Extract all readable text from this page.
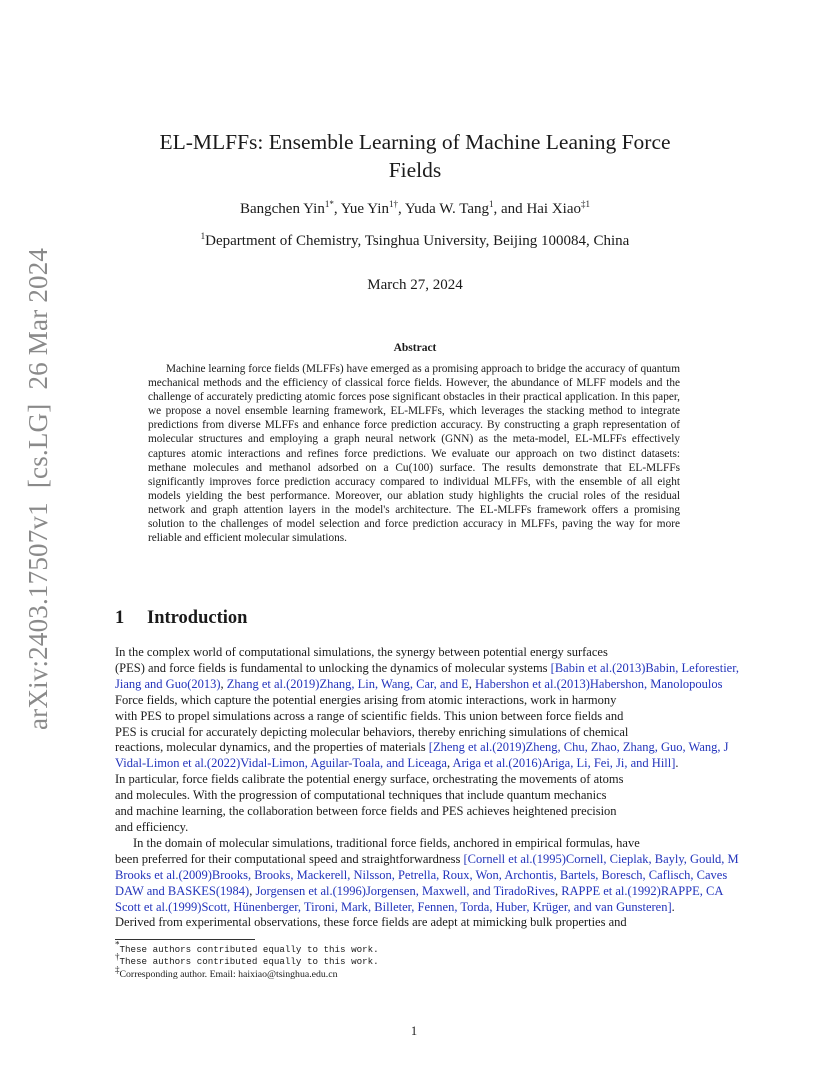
arXiv:2403.17507v1[cs.LG]26 Mar 2024
EL-MLFFs: Ensemble Learning of Machine Leaning Force
Fields
Bangchen Yin$^{1*}$, Yue Yin$^{1\dagger}$, Yuda W. Tang$^1$, and Hai Xiao$^{\ddagger 1}$
$^1$Department of Chemistry, Tsinghua University, Beijing 100084, China
March 27, 2024
Abstract
Machine learning force fields (MLFFs) have emerged as a promising approach to bridge the accuracy of quantum mechanical methods and the efficiency of classical force fields. However, the abundance of MLFF models and the challenge of accurately predicting atomic forces pose significant obstacles in their practical application. In this paper, we propose a novel ensemble learning framework, EL-MLFFs, which leverages the stacking method to integrate predictions from diverse MLFFs and enhance force prediction accuracy. By constructing a graph representation of molecular structures and employing a graph neural network (GNN) as the meta-model, EL-MLFFs effectively captures atomic interactions and refines force predictions. We evaluate our approach on two distinct datasets: methane molecules and methanol adsorbed on a Cu(100) surface. The results demonstrate that EL-MLFFs significantly improves force prediction accuracy compared to individual MLFFs, with the ensemble of all eight models yielding the best performance. Moreover, our ablation study highlights the crucial roles of the residual network and graph attention layers in the model's architecture. The EL-MLFFs framework offers a promising solution to the challenges of model selection and force prediction accuracy in MLFFs, paving the way for more reliable and efficient molecular simulations.
1 Introduction
In the complex world of computational simulations, the synergy between potential energy surfaces
(PES) and force fields is fundamental to unlocking the dynamics of molecular systems [Babin et al.(2013)Babin, Leforestier,
Jiang and Guo(2013), Zhang et al.(2019)Zhang, Lin, Wang, Car, and E, Habershon et al.(2013)Habershon, Manolopoulos
Force fields, which capture the potential energies arising from atomic interactions, work in harmony
with PES to propel simulations across a range of scientific fields. This union between force fields and
PES is crucial for accurately depicting molecular behaviors, thereby enriching simulations of chemical
reactions, molecular dynamics, and the properties of materials [Zheng et al.(2019)Zheng, Chu, Zhao, Zhang, Guo, Wang, J
Vidal-Limon et al.(2022)Vidal-Limon, Aguilar-Toala, and Liceaga, Ariga et al.(2016)Ariga, Li, Fei, Ji, and Hill].
In particular, force fields calibrate the potential energy surface, orchestrating the movements of atoms
and molecules. With the progression of computational techniques that include quantum mechanics
and machine learning, the collaboration between force fields and PES achieves heightened precision
and efficiency.
In the domain of molecular simulations, traditional force fields, anchored in empirical formulas, have
been preferred for their computational speed and straightforwardness [Cornell et al.(1995)Cornell, Cieplak, Bayly, Gould, M
Brooks et al.(2009)Brooks, Brooks, Mackerell, Nilsson, Petrella, Roux, Won, Archontis, Bartels, Boresch, Caflisch, Caves
DAW and BASKES(1984), Jorgensen et al.(1996)Jorgensen, Maxwell, and TiradoRives, RAPPE et al.(1992)RAPPE, CA
Scott et al.(1999)Scott, Hünenberger, Tironi, Mark, Billeter, Fennen, Torda, Huber, Krüger, and van Gunsteren].
Derived from experimental observations, these force fields are adept at mimicking bulk properties and
*These authors contributed equally to this work.
†These authors contributed equally to this work.
‡Corresponding author. Email: haixiao@tsinghua.edu.cn
1
